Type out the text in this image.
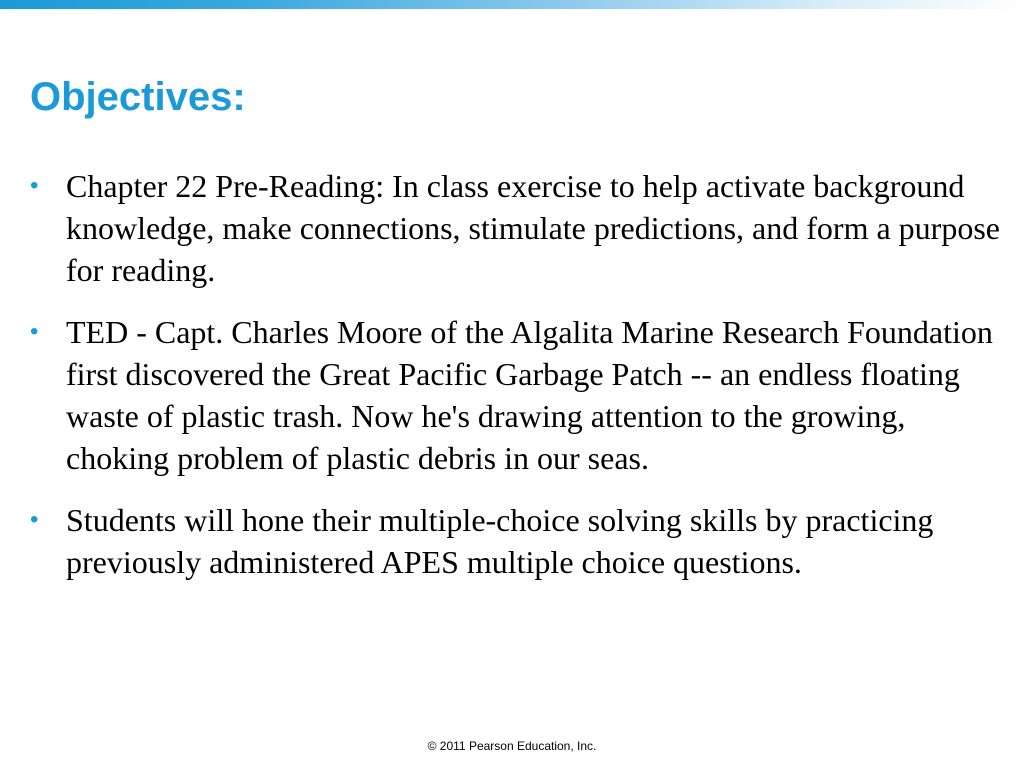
Objectives:
• Chapter 22 Pre-Reading: In class exercise to help activate background knowledge, make connections, stimulate predictions, and form a purpose for reading.
• TED - Capt. Charles Moore of the Algalita Marine Research Foundation first discovered the Great Pacific Garbage Patch -- an endless floating waste of plastic trash. Now he's drawing attention to the growing, choking problem of plastic debris in our seas.
• Students will hone their multiple-choice solving skills by practicing previously administered APES multiple choice questions.

© 2011 Pearson Education, Inc.
